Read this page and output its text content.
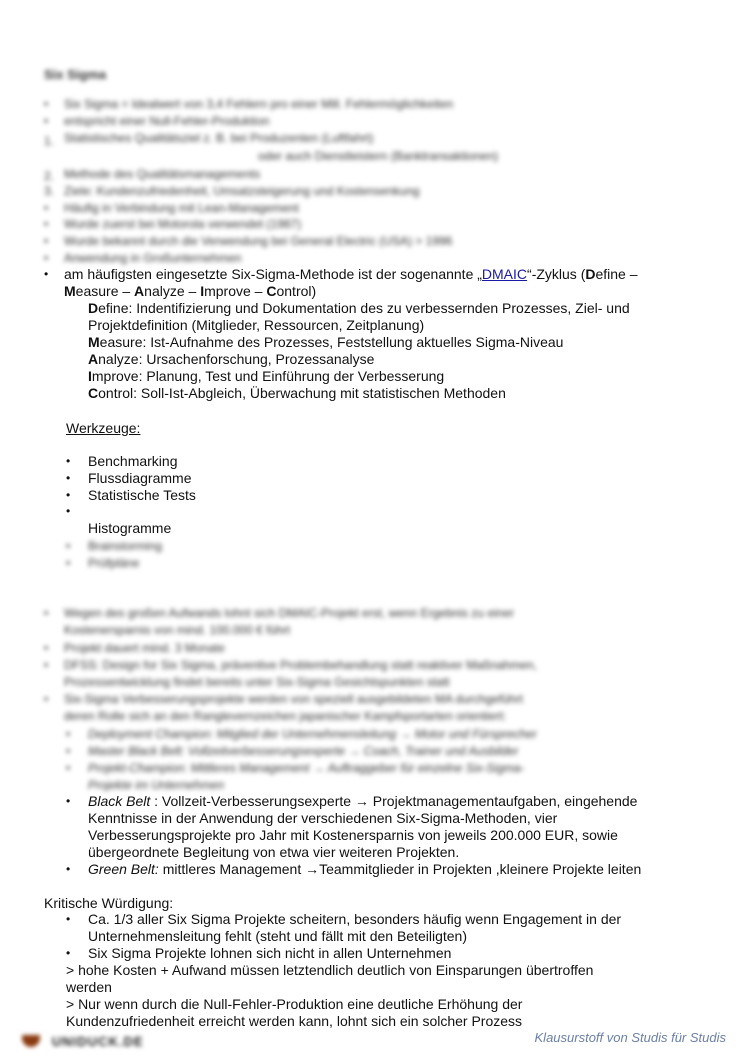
Six Sigma
• Six Sigma = Idealwert von 3,4 Fehlern pro einer Mill. Fehlermöglichkeiten
• entspricht einer Null-Fehler-Produktion
1. Statistisches Qualitätsziel z. B. bei Produzenten (Luftfahrt)
oder auch Dienstleistern (Banktransaktionen)
2. Methode des Qualitätsmanagements
3. Ziele: Kundenzufriedenheit, Umsatzsteigerung und Kostensenkung
• Häufig in Verbindung mit Lean-Management
• Wurde zuerst bei Motorola verwendet (1987)
• Wurde bekannt durch die Verwendung bei General Electric (USA) > 1996
• Anwendung in Großunternehmen
• am häufigsten eingesetzte Six-Sigma-Methode ist der sogenannte „DMAIC“-Zyklus (Define –
Measure – Analyze – Improve – Control)
Define: Indentifizierung und Dokumentation des zu verbessernden Prozesses, Ziel- und
Projektdefinition (Mitglieder, Ressourcen, Zeitplanung)
Measure: Ist-Aufnahme des Prozesses, Feststellung aktuelles Sigma-Niveau
Analyze: Ursachenforschung, Prozessanalyse
Improve: Planung, Test und Einführung der Verbesserung
Control: Soll-Ist-Abgleich, Überwachung mit statistischen Methoden
Werkzeuge:
• Benchmarking
• Flussdiagramme
• Statistische Tests
•
Histogramme
• Brainstorming
• Prüfpläne
• Wegen des großen Aufwands lohnt sich DMAIC-Projekt erst, wenn Ergebnis zu einer
Kostenersparnis von mind. 100.000 € führt
• Projekt dauert mind. 3 Monate
• DFSS: Design for Six Sigma, präventive Problembehandlung statt reaktiver Maßnahmen,
Prozessentwicklung findet bereits unter Six-Sigma Gesichtspunkten statt
• Six-Sigma Verbesserungsprojekte werden von speziell ausgebildeten MA durchgeführt
deren Rolle sich an den Ranglevernzeichen japanischer Kampfsportarten orientiert:
• Deployment Champion: Mitglied der Unternehmensleitung → Motor und Fürsprecher
• Master Black Belt: Vollzeitverbesserungsexperte → Coach, Trainer und Ausbilder
• Projekt-Champion: Mittleres Management → Auftraggeber für einzelne Six-Sigma-
Projekte im Unternehmen
• Black Belt : Vollzeit-Verbesserungsexperte → Projektmanagementaufgaben, eingehende
Kenntnisse in der Anwendung der verschiedenen Six-Sigma-Methoden, vier
Verbesserungsprojekte pro Jahr mit Kostenersparnis von jeweils 200.000 EUR, sowie
übergeordnete Begleitung von etwa vier weiteren Projekten.
• Green Belt: mittleres Management →Teammitglieder in Projekten ,kleinere Projekte leiten
Kritische Würdigung:
• Ca. 1/3 aller Six Sigma Projekte scheitern, besonders häufig wenn Engagement in der
Unternehmensleitung fehlt (steht und fällt mit den Beteiligten)
• Six Sigma Projekte lohnen sich nicht in allen Unternehmen
> hohe Kosten + Aufwand müssen letztendlich deutlich von Einsparungen übertroffen
werden
> Nur wenn durch die Null-Fehler-Produktion eine deutliche Erhöhung der
Kundenzufriedenheit erreicht werden kann, lohnt sich ein solcher Prozess
UNIDUCK.DE	Klausurstoff von Studis für Studis
